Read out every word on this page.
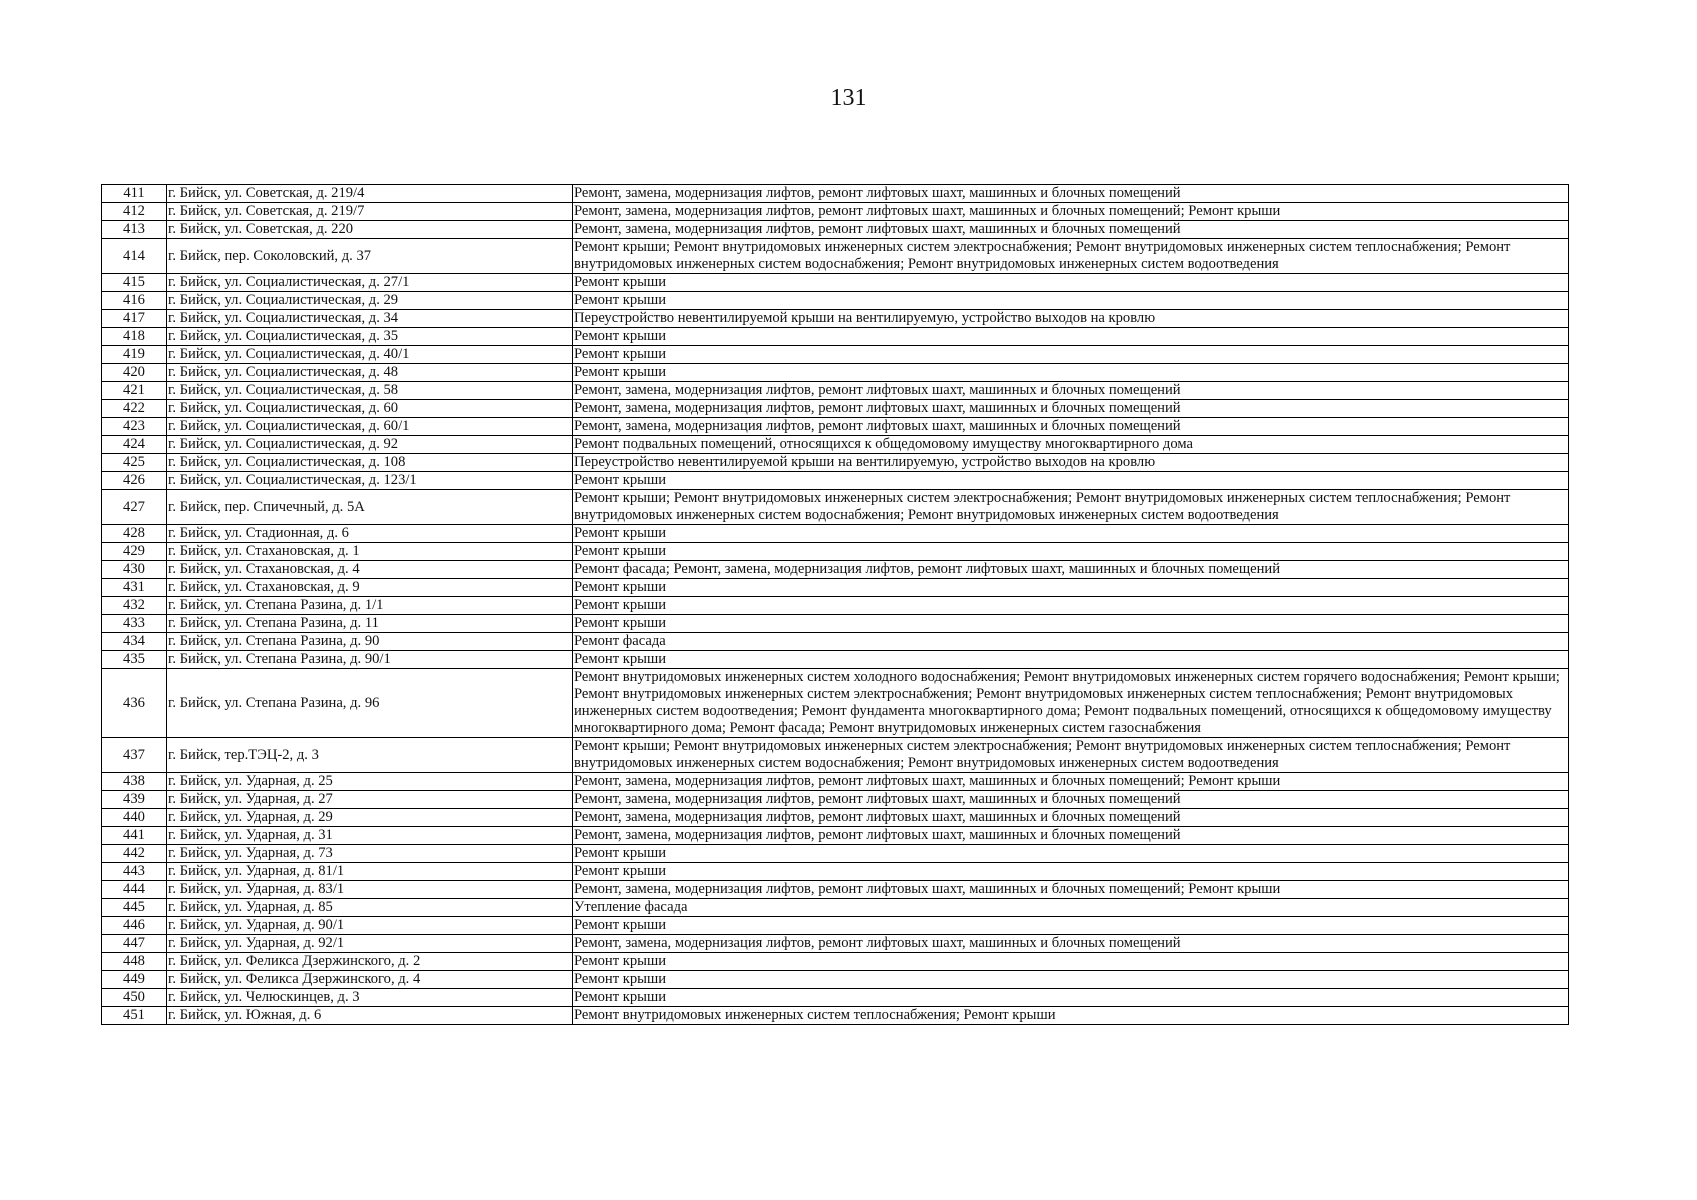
131
411	г. Бийск, ул. Советская, д. 219/4	Ремонт, замена, модернизация лифтов, ремонт лифтовых шахт, машинных и блочных помещений
412	г. Бийск, ул. Советская, д. 219/7	Ремонт, замена, модернизация лифтов, ремонт лифтовых шахт, машинных и блочных помещений; Ремонт крыши
413	г. Бийск, ул. Советская, д. 220	Ремонт, замена, модернизация лифтов, ремонт лифтовых шахт, машинных и блочных помещений
414	г. Бийск, пер. Соколовский, д. 37	Ремонт крыши; Ремонт внутридомовых инженерных систем электроснабжения; Ремонт внутридомовых инженерных систем теплоснабжения; Ремонт внутридомовых инженерных систем водоснабжения; Ремонт внутридомовых инженерных систем водоотведения
415	г. Бийск, ул. Социалистическая, д. 27/1	Ремонт крыши
416	г. Бийск, ул. Социалистическая, д. 29	Ремонт крыши
417	г. Бийск, ул. Социалистическая, д. 34	Переустройство невентилируемой крыши на вентилируемую, устройство выходов на кровлю
418	г. Бийск, ул. Социалистическая, д. 35	Ремонт крыши
419	г. Бийск, ул. Социалистическая, д. 40/1	Ремонт крыши
420	г. Бийск, ул. Социалистическая, д. 48	Ремонт крыши
421	г. Бийск, ул. Социалистическая, д. 58	Ремонт, замена, модернизация лифтов, ремонт лифтовых шахт, машинных и блочных помещений
422	г. Бийск, ул. Социалистическая, д. 60	Ремонт, замена, модернизация лифтов, ремонт лифтовых шахт, машинных и блочных помещений
423	г. Бийск, ул. Социалистическая, д. 60/1	Ремонт, замена, модернизация лифтов, ремонт лифтовых шахт, машинных и блочных помещений
424	г. Бийск, ул. Социалистическая, д. 92	Ремонт подвальных помещений, относящихся к общедомовому имуществу многоквартирного дома
425	г. Бийск, ул. Социалистическая, д. 108	Переустройство невентилируемой крыши на вентилируемую, устройство выходов на кровлю
426	г. Бийск, ул. Социалистическая, д. 123/1	Ремонт крыши
427	г. Бийск, пер. Спичечный, д. 5А	Ремонт крыши; Ремонт внутридомовых инженерных систем электроснабжения; Ремонт внутридомовых инженерных систем теплоснабжения; Ремонт внутридомовых инженерных систем водоснабжения; Ремонт внутридомовых инженерных систем водоотведения
428	г. Бийск, ул. Стадионная, д. 6	Ремонт крыши
429	г. Бийск, ул. Стахановская, д. 1	Ремонт крыши
430	г. Бийск, ул. Стахановская, д. 4	Ремонт фасада; Ремонт, замена, модернизация лифтов, ремонт лифтовых шахт, машинных и блочных помещений
431	г. Бийск, ул. Стахановская, д. 9	Ремонт крыши
432	г. Бийск, ул. Степана Разина, д. 1/1	Ремонт крыши
433	г. Бийск, ул. Степана Разина, д. 11	Ремонт крыши
434	г. Бийск, ул. Степана Разина, д. 90	Ремонт фасада
435	г. Бийск, ул. Степана Разина, д. 90/1	Ремонт крыши
436	г. Бийск, ул. Степана Разина, д. 96	Ремонт внутридомовых инженерных систем холодного водоснабжения; Ремонт внутридомовых инженерных систем горячего водоснабжения; Ремонт крыши; Ремонт внутридомовых инженерных систем электроснабжения; Ремонт внутридомовых инженерных систем теплоснабжения; Ремонт внутридомовых инженерных систем водоотведения; Ремонт фундамента многоквартирного дома; Ремонт подвальных помещений, относящихся к общедомовому имуществу многоквартирного дома; Ремонт фасада; Ремонт внутридомовых инженерных систем газоснабжения
437	г. Бийск, тер.ТЭЦ-2, д. 3	Ремонт крыши; Ремонт внутридомовых инженерных систем электроснабжения; Ремонт внутридомовых инженерных систем теплоснабжения; Ремонт внутридомовых инженерных систем водоснабжения; Ремонт внутридомовых инженерных систем водоотведения
438	г. Бийск, ул. Ударная, д. 25	Ремонт, замена, модернизация лифтов, ремонт лифтовых шахт, машинных и блочных помещений; Ремонт крыши
439	г. Бийск, ул. Ударная, д. 27	Ремонт, замена, модернизация лифтов, ремонт лифтовых шахт, машинных и блочных помещений
440	г. Бийск, ул. Ударная, д. 29	Ремонт, замена, модернизация лифтов, ремонт лифтовых шахт, машинных и блочных помещений
441	г. Бийск, ул. Ударная, д. 31	Ремонт, замена, модернизация лифтов, ремонт лифтовых шахт, машинных и блочных помещений
442	г. Бийск, ул. Ударная, д. 73	Ремонт крыши
443	г. Бийск, ул. Ударная, д. 81/1	Ремонт крыши
444	г. Бийск, ул. Ударная, д. 83/1	Ремонт, замена, модернизация лифтов, ремонт лифтовых шахт, машинных и блочных помещений; Ремонт крыши
445	г. Бийск, ул. Ударная, д. 85	Утепление фасада
446	г. Бийск, ул. Ударная, д. 90/1	Ремонт крыши
447	г. Бийск, ул. Ударная, д. 92/1	Ремонт, замена, модернизация лифтов, ремонт лифтовых шахт, машинных и блочных помещений
448	г. Бийск, ул. Феликса Дзержинского, д. 2	Ремонт крыши
449	г. Бийск, ул. Феликса Дзержинского, д. 4	Ремонт крыши
450	г. Бийск, ул. Челюскинцев, д. 3	Ремонт крыши
451	г. Бийск, ул. Южная, д. 6	Ремонт внутридомовых инженерных систем теплоснабжения; Ремонт крыши
